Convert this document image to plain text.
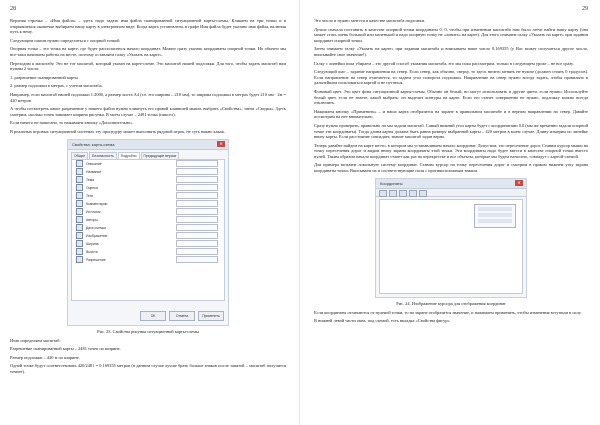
28

Верхняя строчка – «Имя файла» – здесь надо задать имя файла сканированной ситуационной карты-схемы. Кликаем на три точки и в открывшемся окошечке выбираем нашу карту в электронном виде. Когда карта установлена, в графе Имя файла будет указано имя файла, включая путь к нему.

Следующим шагом нужно определиться с опорной точкой.

Опорная точка – это точка на карте, где будет располагаться начало координат. Можно сразу указать координаты опорной точки. Но обычно мы все-таки начинаем работы на месте, поэтому оставляем галку «Указать на карте».

Переходим к масштабу. Это не тот масштаб, который указан на карте-схеме. Это масштаб нашей подложки. Для того, чтобы задать масштаб нам нужны 2 числа:

1. разрешение сканированной карты

2. размер подложки в метрах, с учетом масштаба.

Например, если масштаб нашей подложки 1:2000, а размер листа А4 (т.е. его ширина – 210 мм), то ширина подложки в метрах будет 210 мм · 2м = 420 метров

А чтобы посмотреть какое разрешение у нашего файла нужно кликнуть его правой клавишей мыши, выбрать «Свойства», затем «Сводка». Здесь смотрим, сколько точек занимает ширина рисунка. В моем случае – 2481 точка (пиксел).

Если ничего не написано, то нажимаем кнопку «Дополнительно».

В реальных игровых ситуационной системах эту процедуру может выполнять рядовой игрок, не суть важно какая.

Свойства: карта-схема	✕
Общие	Безопасность	Подробно	Предыдущие версии
Описание
Название
Тема
Оценка
Теги
Комментарии
Источник
Авторы
Дата съемки
Изображение
Ширина
Высота
Разрешение
ОК	Отмена	Применить
Рис. 23. Свойства рисунка ситуационной карты-схемы

Итак определяем масштаб:

Разрешение сканированной карты – 2481 точек по ширине.

Размер подложки – 420 м по ширине.

Одной точке будут соответствовать 420/2481 = 0,169355 метров (в данном случае лучше брать больше знаков после запятой – масштаб получится точнее).

29

Это число и нужно занести в качестве масштаба подложки.

Лучше сначала поставить в качестве опорной точки координаты 0, 0, чтобы при изменении масштаба нам было легче найти нашу карту (она может стать очень большой или маленькой и надо опорную точку не «ловить» на карте). Для этого снимаем галку «Указать на карте» при задании координат опорной точки.

Затем снимаем галку «Указать на карте» при задании масштаба и вписываем наше число 0,169355 (у Вас может получиться другое число, вписывайте свое значение!).

Галку с линейки пока убираем – это другой способ указания масштаба, его мы пока рассмотрим, только в следующем уроке – не все сразу.

Следующий шаг – задание направления на север. Если север, как обычно, сверху, то здесь ничего менять не нужно (должен стоять 0 градусов). Если направление на север отличается, то задаем угол поворота подложки. Направление на север нужно всегда задать, чтобы правильно в дальнейшем пользоваться картой и не путаться.

Фоновый цвет. Это цвет фона ситуационной карты-схемы. Обычно он белый, но могут использовать и другие цвета, если нужно. Используйте белый цвет, если не знаете, какой выбрать: он выделит контуры на карте. Если это станет совершенно не нужно, подложку можно всегда отключить.

Нажимаем кнопку «Применить» – и наша карта отобразится на экране в правильном масштабе и в верном направлении на север. Давайте посмотрим на нее внимательно.

Сразу нужно проверить, правильно ли мы задали масштаб. Самый нижний угол карты будет с координатами 0,0 (мы же временно задали опорной точке эти координаты). Тогда длина карты должна быть равна размеру выбранной карты – 420 метров в моем случае. Длину измерим по линейке внизу карты. Если расстояние совпадает, значит масштаб задан верно.

Теперь давайте найдем на карте место, в котором мы устанавливаем начало координат. Допустим, это пересечение дорог. Ставим курсор мыши на точку пересечения дорог и видим внизу экрана координаты этой точки. Эти координаты надо будет ввести в качестве опорной точки вместо нулей. Таким образом начало координат станет как раз на перекрестке и все объекты, которые мы будем наносить, совпадут с картой-схемой.

Для примера возьмем локальную систему координат. Ставим курсор на точку пересечения дорог и смотрим в правом нижнем углу экрана координаты точки. Вписываем их в соответствующие поля с противоположным знаком.

Координаты	✕
Рис. 24. Изображение курсора для отображения координат

Если координаты отличаются от нулевой точки, то на экране отобразится значение, и нажимаем применить, чтобы изменения вступили в силу.

В нижней левой части окна, под схемой, есть вкладка «Свойства фигур»
